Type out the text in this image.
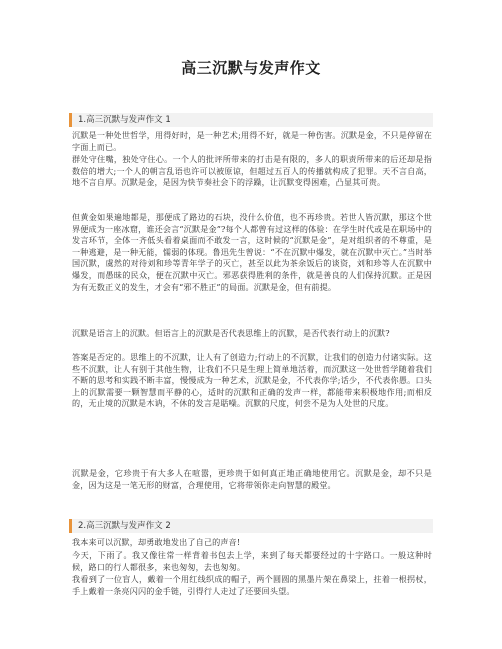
高三沉默与发声作文
1.高三沉默与发声作文 1

沉默是一种处世哲学，用得好时，是一种艺术;用得不好，就是一种伤害。沉默是金，不只是停留在字面上而已。

群处守住嘴，独处守住心。一个人的批评所带来的打击是有限的，多人的职责所带来的后还却是指数倍的增大;一个人的朝言乱语也许可以被原谅，但超过五百人的传播就构成了犯罪。天不言自高，地不言自厚。沉默是金，是因为快节奏社会下的浮躁，让沉默变得困难，凸显其可贵。

但黄金如果遍地都是，那便成了路边的石块，没什么价值，也不再珍贵。若世人皆沉默，那这个世界便成为一座冰窟，谁还会言“沉默是金”?每个人都曾有过这样的体验：在学生时代或是在职场中的发言环节，全体一齐低头看着桌面而不敢发一言，这时候的“沉默是金”，是对组织者的不尊重，是一种逃避，是一种无能，懦弱的体现。鲁迅先生曾说：“不在沉默中爆发，就在沉默中灭亡。”当时举国沉默，虞然的对待刘和珍等青年学子的灭亡，甚至以此为茶余饭后的谈资，刘和珍等人在沉默中爆发，而愚昧的民众，便在沉默中灭亡。邪恶获得胜利的条件，就是善良的人们保持沉默。正是因为有无数正义的发生，才会有“邪不胜正”的局面。沉默是金，但有前提。

沉默是语言上的沉默。但语言上的沉默是否代表思维上的沉默，是否代表行动上的沉默?

答案是否定的。思维上的不沉默，让人有了创造力;行动上的不沉默，让我们的创造力付诸实际。这些不沉默，让人有别于其他生物，让我们不只是生理上简单地活着，而沉默这一处世哲学随着我们不断的思考和实践不断丰富，慢慢成为一种艺术，沉默是金，不代表你学;话少，不代表你愚。口头上的沉默需要一颗智慧而平静的心，适时的沉默和正确的发声一样，都能带来积极地作用;而相反的，无止境的沉默是木讷，不休的发言是聒噪。沉默的尺度，何尝不是为人处世的尺度。

沉默是金，它珍贵于有大多人在喧嚣，更珍贵于如何真正地正确地使用它。沉默是金，却不只是金，因为这是一笔无形的财富，合理使用，它将带领你走向智慧的殿堂。

2.高三沉默与发声作文 2

我本来可以沉默，却勇敢地发出了自己的声音!

今天，下雨了。我又像往常一样背着书包去上学，来到了每天都要经过的十字路口。一般这种时候，路口的行人都很多，来也匆匆，去也匆匆。

我看到了一位盲人，戴着一个用红线织成的帽子，两个圆圆的黑墨片架在鼻梁上，拄着一根拐杖，手上戴着一条亮闪闪的金手链，引得行人走过了还要回头望。
